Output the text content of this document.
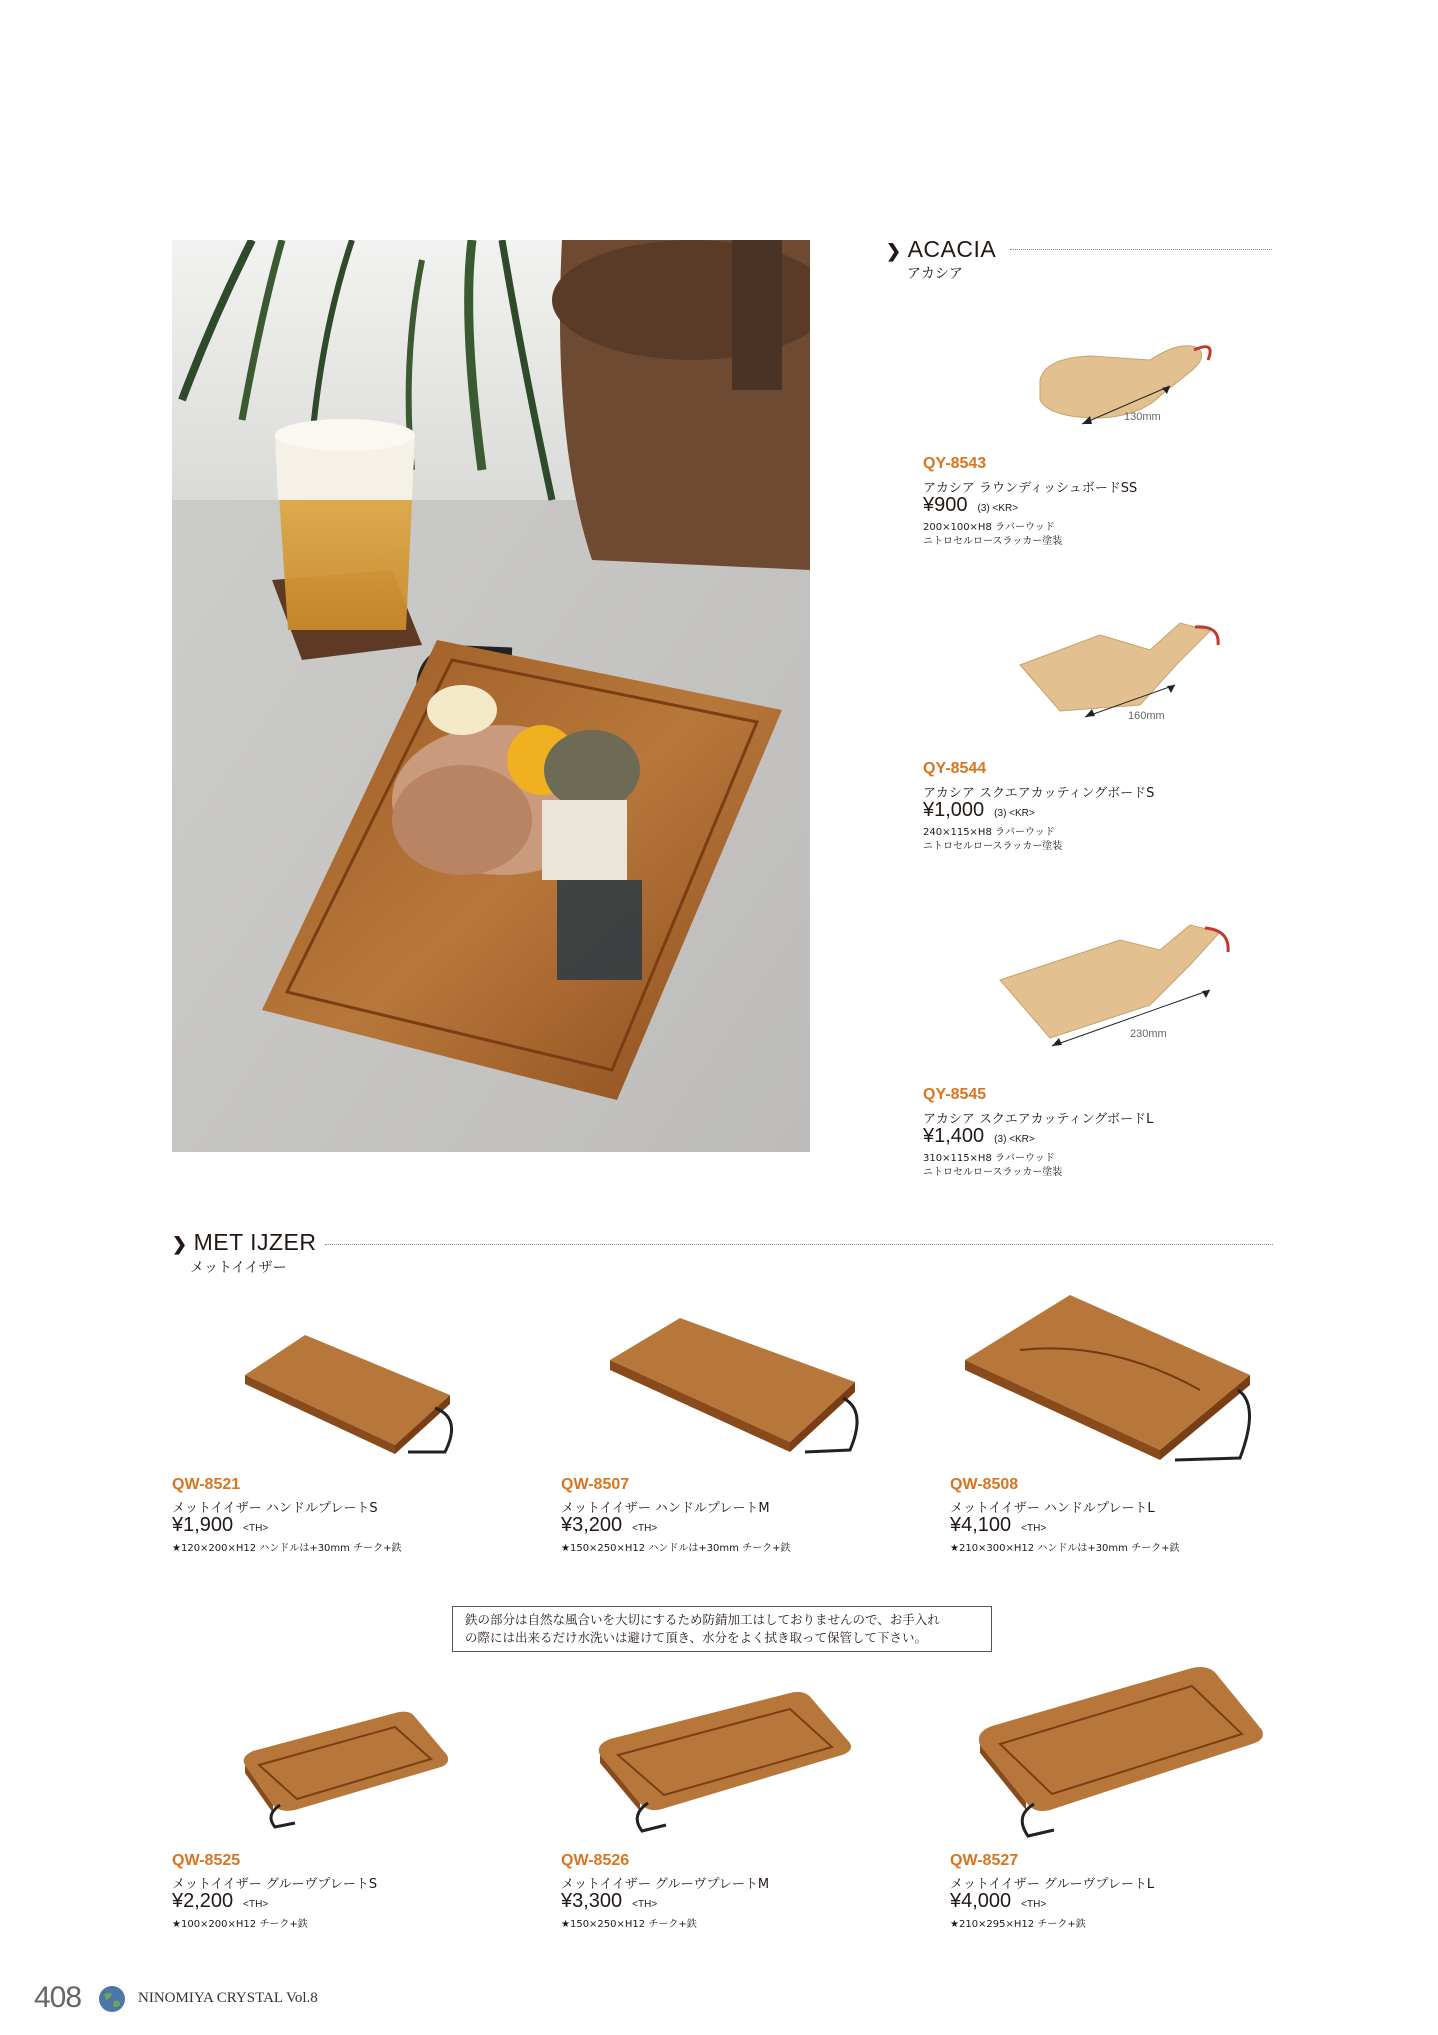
❯ ACACIA
アカシア
130mm
QY-8543
アカシア ラウンディッシュボードSS
¥900 (3) <KR>
200×100×H8 ラバーウッド
ニトロセルロースラッカー塗装
160mm
QY-8544
アカシア スクエアカッティングボードS
¥1,000 (3) <KR>
240×115×H8 ラバーウッド
ニトロセルロースラッカー塗装
230mm
QY-8545
アカシア スクエアカッティングボードL
¥1,400 (3) <KR>
310×115×H8 ラバーウッド
ニトロセルロースラッカー塗装
❯ MET IJZER
メットイイザー
QW-8521
メットイイザー ハンドルプレートS
¥1,900 <TH>
★120×200×H12 ハンドルは+30mm チーク+鉄
QW-8507
メットイイザー ハンドルプレートM
¥3,200 <TH>
★150×250×H12 ハンドルは+30mm チーク+鉄
QW-8508
メットイイザー ハンドルプレートL
¥4,100 <TH>
★210×300×H12 ハンドルは+30mm チーク+鉄
鉄の部分は自然な風合いを大切にするため防錆加工はしておりませんので、お手入れ
の際には出来るだけ水洗いは避けて頂き、水分をよく拭き取って保管して下さい。
QW-8525
メットイイザー グルーヴプレートS
¥2,200 <TH>
★100×200×H12 チーク+鉄
QW-8526
メットイイザー グルーヴプレートM
¥3,300 <TH>
★150×250×H12 チーク+鉄
QW-8527
メットイイザー グルーヴプレートL
¥4,000 <TH>
★210×295×H12 チーク+鉄
408	NINOMIYA CRYSTAL Vol.8
